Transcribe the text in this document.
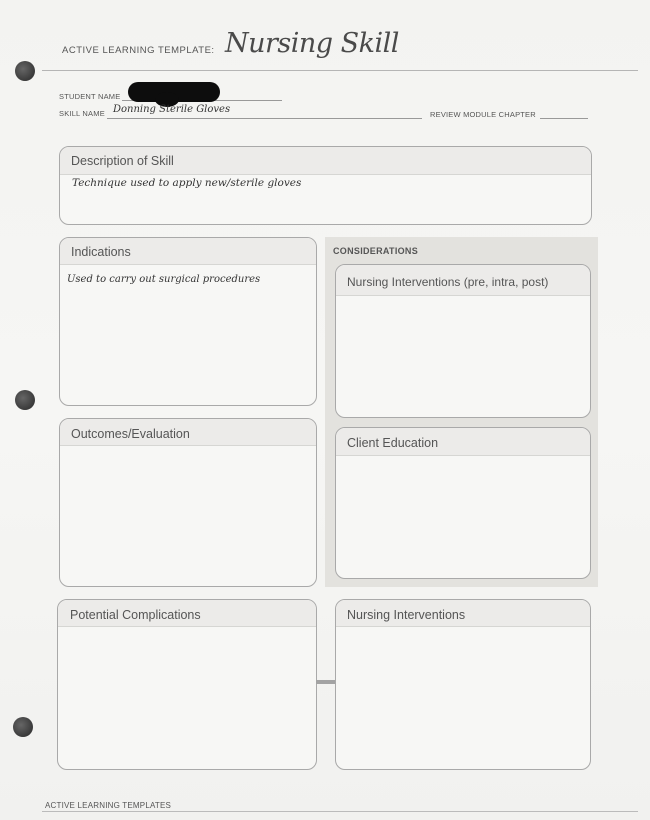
ACTIVE LEARNING TEMPLATE: Nursing Skill
STUDENT NAME
SKILL NAME Donning Sterile Gloves	REVIEW MODULE CHAPTER
Description of Skill
Technique used to apply new/sterile gloves
Indications
Used to carry out surgical procedures
CONSIDERATIONS
Nursing Interventions (pre, intra, post)
Client Education
Outcomes/Evaluation
Potential Complications	Nursing Interventions
ACTIVE LEARNING TEMPLATES
